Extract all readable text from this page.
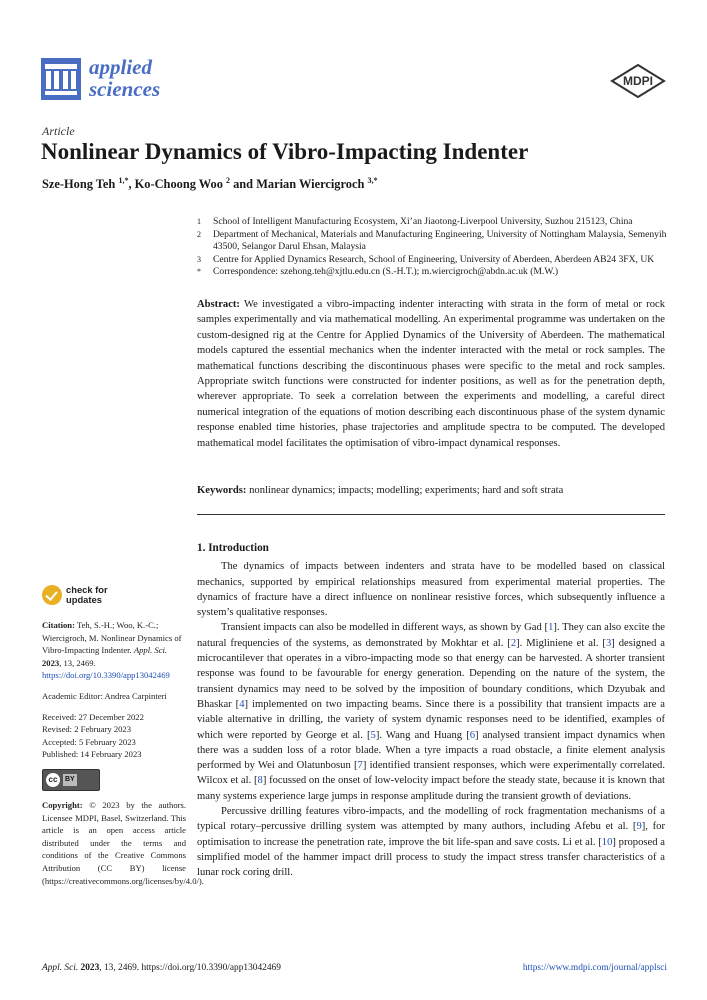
applied
sciences	MDPI
Article
Nonlinear Dynamics of Vibro-Impacting Indenter
Sze-Hong Teh $^{1,*}$, Ko-Choong Woo $^2$ and Marian Wiercigroch $^{3,*}$
1 School of Intelligent Manufacturing Ecosystem, Xi’an Jiaotong-Liverpool University, Suzhou 215123, China
2 Department of Mechanical, Materials and Manufacturing Engineering, University of Nottingham Malaysia, Semenyih 43500, Selangor Darul Ehsan, Malaysia
3 Centre for Applied Dynamics Research, School of Engineering, University of Aberdeen, Aberdeen AB24 3FX, UK
* Correspondence: szehong.teh@xjtlu.edu.cn (S.-H.T.); m.wiercigroch@abdn.ac.uk (M.W.)
Abstract: We investigated a vibro-impacting indenter interacting with strata in the form of metal or rock samples experimentally and via mathematical modelling. An experimental programme was undertaken on the custom-designed rig at the Centre for Applied Dynamics of the University of Aberdeen. The mathematical models captured the essential mechanics when the indenter interacted with the metal or rock samples. The mathematical functions describing the discontinuous phases were specific to the metal and rock samples. Appropriate switch functions were constructed for indenter positions, as well as for the penetration depth, wherever appropriate. To seek a correlation between the experiments and modelling, a careful direct numerical integration of the equations of motion describing each discontinuous phase of the system dynamic response enabled time histories, phase trajectories and amplitude spectra to be computed. The developed mathematical model facilitates the optimisation of vibro-impact dynamical responses.
Keywords: nonlinear dynamics; impacts; modelling; experiments; hard and soft strata
check for
updates
Citation: Teh, S.-H.; Woo, K.-C.; Wiercigroch, M. Nonlinear Dynamics of Vibro-Impacting Indenter. Appl. Sci. 2023, 13, 2469. https://doi.org/10.3390/app13042469
Academic Editor: Andrea Carpinteri
Received: 27 December 2022
Revised: 2 February 2023
Accepted: 5 February 2023
Published: 14 February 2023
cc	BY
Copyright: © 2023 by the authors. Licensee MDPI, Basel, Switzerland. This article is an open access article distributed under the terms and conditions of the Creative Commons Attribution (CC BY) license (https://creativecommons.org/licenses/by/4.0/).
1. Introduction

The dynamics of impacts between indenters and strata have to be modelled based on classical mechanics, supported by empirical relationships measured from experimental material properties. The dynamics of fracture have a direct influence on nonlinear resistive forces, which subsequently influence a system’s qualitative responses.

Transient impacts can also be modelled in different ways, as shown by Gad [1]. They can also excite the natural frequencies of the systems, as demonstrated by Mokhtar et al. [2]. Migliniene et al. [3] designed a microcantilever that operates in a vibro-impacting mode so that energy can be harvested. A shorter transient response was found to be favourable for energy generation. Depending on the nature of the system, the transient dynamics may need to be solved by the imposition of boundary conditions, which Dzyubak and Bhaskar [4] implemented on two impacting beams. Since there is a possibility that transient impacts are a viable alternative in drilling, the variety of system dynamic responses need to be identified, examples of which were reported by George et al. [5]. Wang and Huang [6] analysed transient impact dynamics when there was a sudden loss of a rotor blade. When a tyre impacts a road obstacle, a finite element analysis performed by Wei and Olatunbosun [7] identified transient responses, which were experimentally correlated. Wilcox et al. [8] focussed on the onset of low-velocity impact before the steady state, because it is known that many systems experience large jumps in response amplitude during the transient growth of deviations.

Percussive drilling features vibro-impacts, and the modelling of rock fragmentation mechanisms of a typical rotary–percussive drilling system was attempted by many authors, including Afebu et al. [9], for optimisation to increase the penetration rate, improve the bit life-span and save costs. Li et al. [10] proposed a simplified model of the hammer impact drill process to study the impact stress transfer characteristics of a lunar rock coring drill.

Appl. Sci. 2023, 13, 2469. https://doi.org/10.3390/app13042469	https://www.mdpi.com/journal/applsci
